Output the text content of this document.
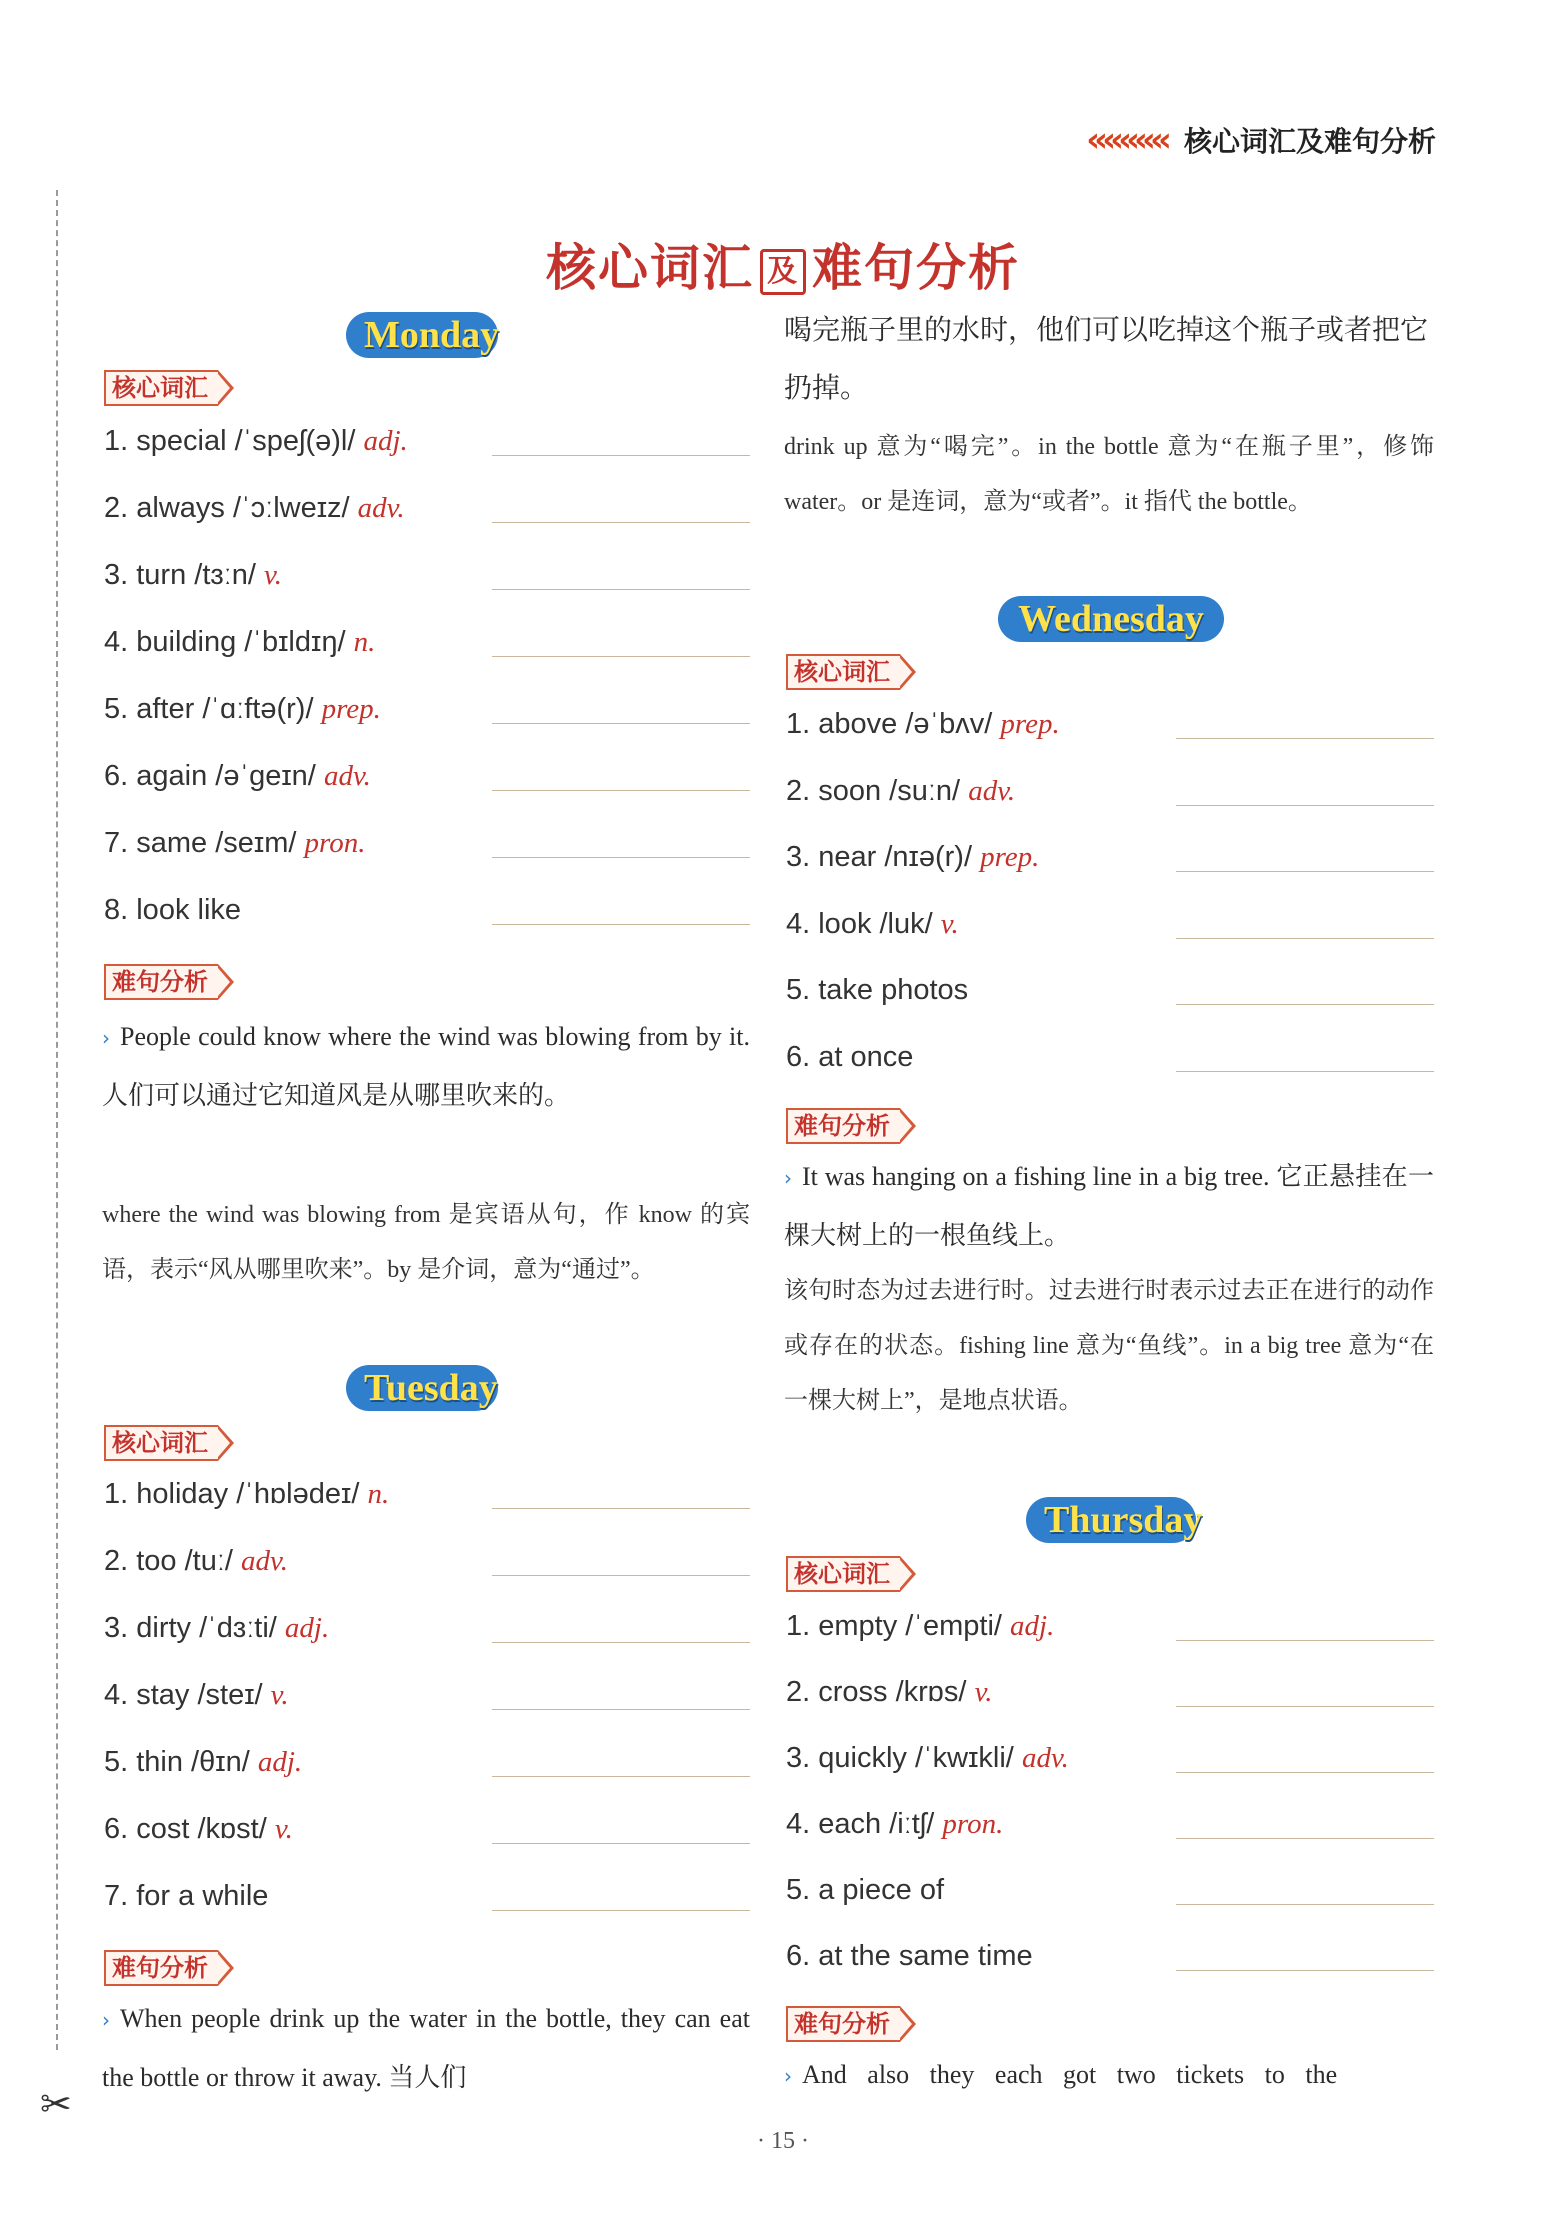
✂
««««« 核心词汇及难句分析
核心词汇 及 难句分析
Monday
核心词汇
1. special /ˈspeʃ(ə)l/ adj.
2. always /ˈɔːlweɪz/ adv.
3. turn /tɜːn/ v.
4. building /ˈbɪldɪŋ/ n.
5. after /ˈɑːftə(r)/ prep.
6. again /əˈɡeɪn/ adv.
7. same /seɪm/ pron.
8. look like
难句分析
› People could know where the wind was blowing from by it. 人们可以通过它知道风是从哪里吹来的。
where the wind was blowing from 是宾语从句，作 know 的宾语，表示“风从哪里吹来”。by 是介词，意为“通过”。
Tuesday
核心词汇
1. holiday /ˈhɒlədeɪ/ n.
2. too /tuː/ adv.
3. dirty /ˈdɜːti/ adj.
4. stay /steɪ/ v.
5. thin /θɪn/ adj.
6. cost /kɒst/ v.
7. for a while
难句分析
› When people drink up the water in the bottle, they can eat the bottle or throw it away. 当人们
喝完瓶子里的水时，他们可以吃掉这个瓶子或者把它扔掉。
drink up 意为“喝完”。in the bottle 意为“在瓶子里”，修饰 water。or 是连词，意为“或者”。it 指代 the bottle。
Wednesday
核心词汇
1. above /əˈbʌv/ prep.
2. soon /suːn/ adv.
3. near /nɪə(r)/ prep.
4. look /luk/ v.
5. take photos
6. at once
难句分析
› It was hanging on a fishing line in a big tree. 它正悬挂在一棵大树上的一根鱼线上。
该句时态为过去进行时。过去进行时表示过去正在进行的动作或存在的状态。fishing line 意为“鱼线”。in a big tree 意为“在一棵大树上”，是地点状语。
Thursday
核心词汇
1. empty /ˈempti/ adj.
2. cross /krɒs/ v.
3. quickly /ˈkwɪkli/ adv.
4. each /iːtʃ/ pron.
5. a piece of
6. at the same time
难句分析
› And also they each got two tickets to the
· 15 ·
